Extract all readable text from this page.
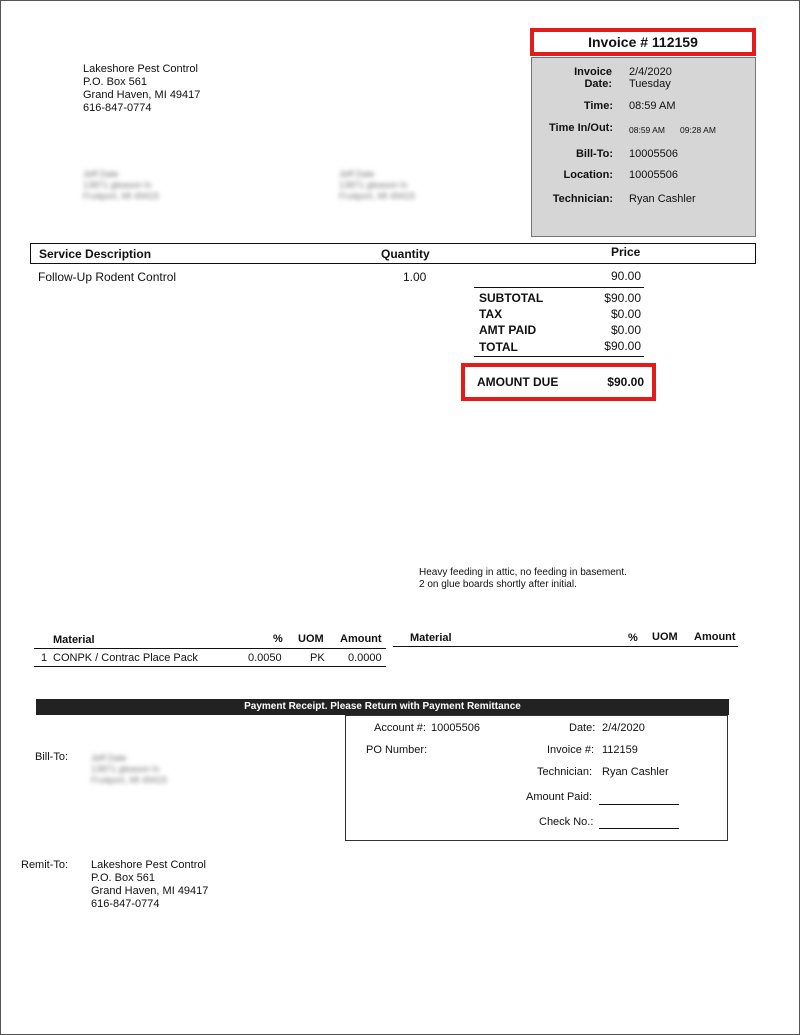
Lakeshore Pest Control
P.O. Box 561
Grand Haven, MI 49417
616-847-0774
Jeff Dale
13871 gleason ln
Fruitport, MI 49415
Jeff Dale
13871 gleason ln
Fruitport, MI 49415
Invoice # 112159
Invoice Date:
2/4/2020
Tuesday
Time: 08:59 AM
Time In/Out: 08:59 AM 09:28 AM
Bill-To: 10005506
Location: 10005506
Technician: Ryan Cashler
Service Description	Quantity	Price
Follow-Up Rodent Control	1.00	90.00
SUBTOTAL	$90.00
TAX	$0.00
AMT PAID	$0.00
TOTAL	$90.00
AMOUNT DUE	$90.00
Heavy feeding in attic, no feeding in basement.
2 on glue boards shortly after initial.
Material	% UOM Amount	Material	% UOM Amount
1 CONPK / Contrac Place Pack	0.0050	PK 0.0000
Payment Receipt. Please Return with Payment Remittance
Bill-To:	Jeff Dale
13871 gleason ln
Fruitport, MI 49415
Account #: 10005506	Date: 2/4/2020
PO Number:	Invoice #: 112159
Technician: Ryan Cashler
Amount Paid:
Check No.:
Remit-To: Lakeshore Pest Control
P.O. Box 561
Grand Haven, MI 49417
616-847-0774
